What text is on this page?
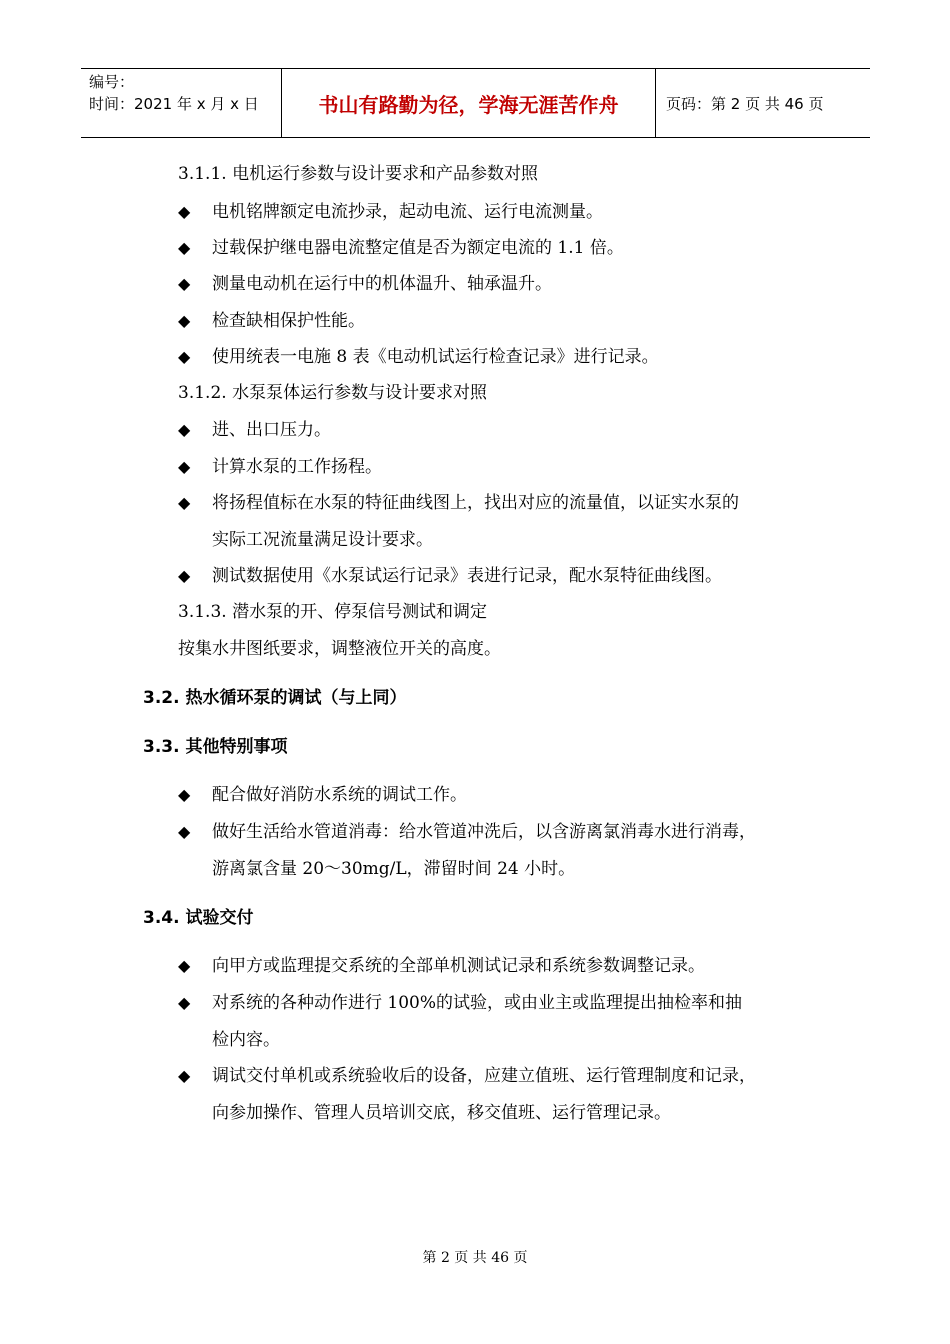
编号：
时间：2021 年 x 月 x 日	书山有路勤为径，学海无涯苦作舟	页码：第 2 页 共 46 页
3.1.1. 电机运行参数与设计要求和产品参数对照
◆ 电机铭牌额定电流抄录，起动电流、运行电流测量。
◆ 过载保护继电器电流整定值是否为额定电流的 1.1 倍。
◆ 测量电动机在运行中的机体温升、轴承温升。
◆ 检查缺相保护性能。
◆ 使用统表一电施 8 表《电动机试运行检查记录》进行记录。
3.1.2. 水泵泵体运行参数与设计要求对照
◆ 进、出口压力。
◆ 计算水泵的工作扬程。
◆ 将扬程值标在水泵的特征曲线图上，找出对应的流量值，以证实水泵的
实际工况流量满足设计要求。
◆ 测试数据使用《水泵试运行记录》表进行记录，配水泵特征曲线图。
3.1.3. 潜水泵的开、停泵信号测试和调定
按集水井图纸要求，调整液位开关的高度。
3.2. 热水循环泵的调试（与上同）
3.3. 其他特别事项
◆ 配合做好消防水系统的调试工作。
◆ 做好生活给水管道消毒：给水管道冲洗后，以含游离氯消毒水进行消毒，
游离氯含量 20～30mg/L，滞留时间 24 小时。
3.4. 试验交付
◆ 向甲方或监理提交系统的全部单机测试记录和系统参数调整记录。
◆ 对系统的各种动作进行 100%的试验，或由业主或监理提出抽检率和抽
检内容。
◆ 调试交付单机或系统验收后的设备，应建立值班、运行管理制度和记录，
向参加操作、管理人员培训交底，移交值班、运行管理记录。
第 2 页 共 46 页
